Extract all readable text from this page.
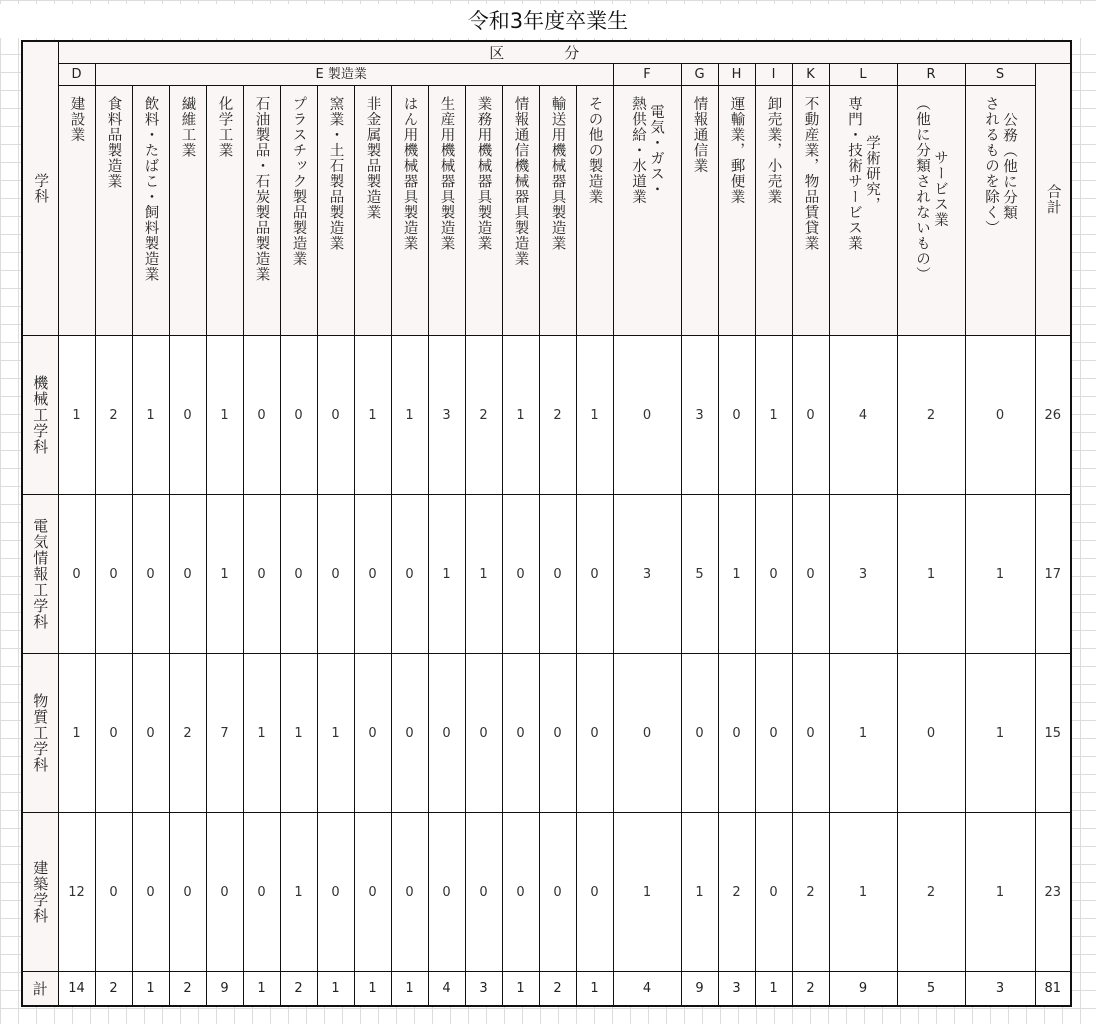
令和3年度卒業生
学科	区分																							
	D	E 製造業														F	G	H	I	K	L	R	S	合計

	建設業	食料品製造業	飲料・たばこ・飼料製造業	繊維工業	化学工業	石油製品・石炭製品製造業	プラスチック製品製造業	窯業・土石製品製造業	非金属製品製造業	はん用機械器具製造業	生産用機械器具製造業	業務用機械器具製造業	情報通信機械器具製造業	輸送用機械器具製造業	その他の製造業	電気・ガス・
熱供給・水道業	情報通信業	運輸業，郵便業	卸売業，小売業	不動産業，物品賃貸業	学術研究，
専門・技術サービス業	サービス業
（他に分類されないもの）	公務（他に分類
されるものを除く）	

機械工学科	1	2	1	0	1	0	0	0	1	1	3	2	1	2	1	0	3	0	1	0	4	2	0	26

電気情報工学科	0	0	0	0	1	0	0	0	0	0	1	1	0	0	0	3	5	1	0	0	3	1	1	17

物質工学科	1	0	0	2	7	1	1	1	0	0	0	0	0	0	0	0	0	0	0	0	1	0	1	15

建築学科	12	0	0	0	0	0	1	0	0	0	0	0	0	0	0	1	1	2	0	2	1	2	1	23
計	14	2	1	2	9	1	2	1	1	1	4	3	1	2	1	4	9	3	1	2	9	5	3	81
